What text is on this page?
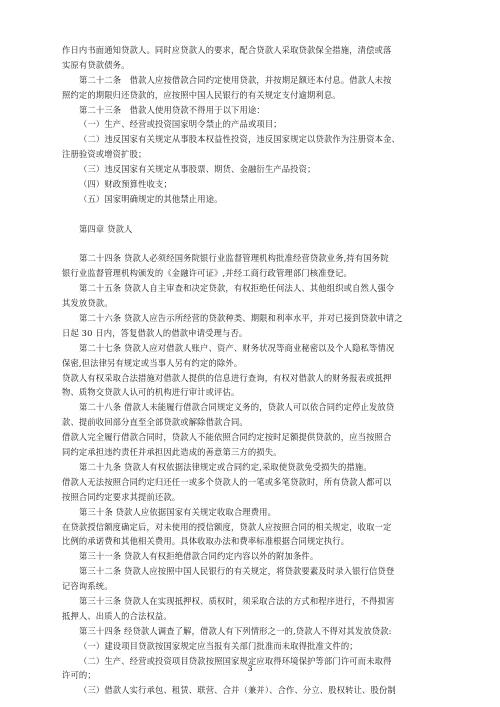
作日内书面通知贷款人。同时应贷款人的要求，配合贷款人采取贷款保全措施，清偿或落
实原有贷款债务。
第二十二条　借款人应按借款合同约定使用贷款，并按期足额还本付息。借款人未按
照约定的期限归还贷款的，应按照中国人民银行的有关规定支付逾期利息。
第二十三条　借款人使用贷款不得用于以下用途：
（一）生产、经营或投资国家明令禁止的产品或项目；
（二）违反国家有关规定从事股本权益性投资，违反国家规定以贷款作为注册资本金、
注册验资或增资扩股；
（三）违反国家有关规定从事股票、期货、金融衍生产品投资；
（四）财政预算性收支；
（五）国家明确规定的其他禁止用途。
第四章 贷款人
第二十四条 贷款人必须经国务院银行业监督管理机构批准经营贷款业务,持有国务院
银行业监督管理机构颁发的《金融许可证》,并经工商行政管理部门核准登记。
第二十五条 贷款人自主审查和决定贷款，有权拒绝任何法人、其他组织或自然人强令
其发放贷款。
第二十六条 贷款人应告示所经营的贷款种类、期限和利率水平，并对已接到贷款申请之
日起 30 日内，答复借款人的借款申请受理与否。
第二十七条 贷款人应对借款人账户、资产、财务状况等商业秘密以及个人隐私等情况
保密,但法律另有规定或当事人另有约定的除外。
贷款人有权采取合法措施对借款人提供的信息进行查询，有权对借款人的财务报表或抵押
物、质物交贷款人认可的机构进行审计或评估。
第二十八条 借款人未能履行借款合同规定义务的，贷款人可以依合同约定停止发放贷
款、提前收回部分直至全部贷款或解除借款合同。
借款人完全履行借款合同时，贷款人不能依照合同约定按时足额提供贷款的，应当按照合
同约定承担违约责任并承担因此造成的善意第三方的损失。
第二十九条 贷款人有权依据法律规定或合同约定,采取使贷款免受损失的措施。
借款人无法按照合同约定归还任一或多个贷款人的一笔或多笔贷款时，所有贷款人都可以
按照合同约定要求其提前还款。
第三十条 贷款人应依据国家有关规定收取合理费用。
在贷款授信额度确定后，对未使用的授信额度，贷款人应按照合同的相关规定，收取一定
比例的承诺费和其他相关费用。具体收取办法和费率标准根据合同规定执行。
第三十一条 贷款人有权拒绝借款合同约定内容以外的附加条件。
第三十二条 贷款人应按照中国人民银行的有关规定，将贷款要素及时录入银行信贷登
记咨询系统。
第三十三条 贷款人在实现抵押权、质权时，须采取合法的方式和程序进行，不得损害
抵押人、出质人的合法权益。
第三十四条 经贷款人调查了解，借款人有下列情形之一的,贷款人不得对其发放贷款:
（一）建设项目贷款按国家规定应当报有关部门批准而未取得批准文件的；
（二）生产、经营或投资项目贷款按照国家规定应取得环境保护等部门许可而未取得
许可的；
（三）借款人实行承包、租赁、联营、合并（兼并）、合作、分立、股权转让、股份制
3
